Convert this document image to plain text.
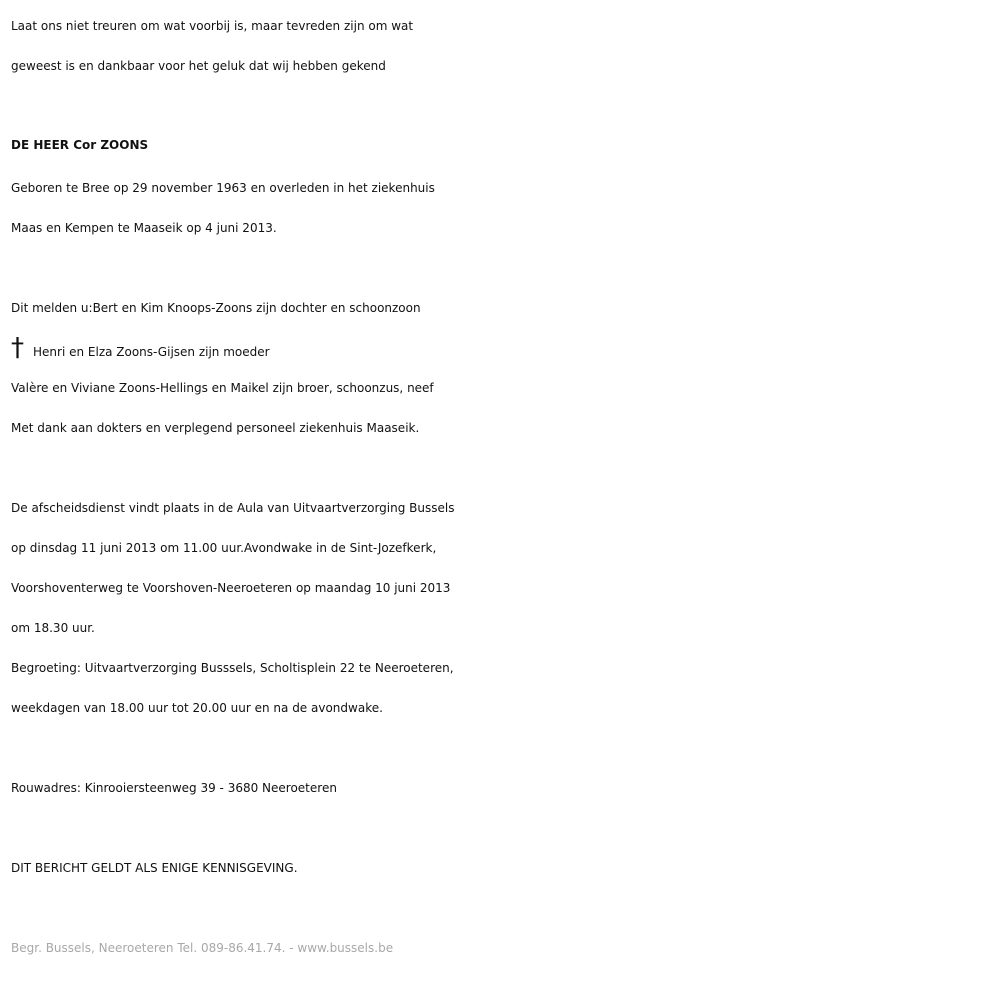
Laat ons niet treuren om wat voorbij is, maar tevreden zijn om wat
geweest is en dankbaar voor het geluk dat wij hebben gekend
DE HEER Cor ZOONS
Geboren te Bree op 29 november 1963 en overleden in het ziekenhuis
Maas en Kempen te Maaseik op 4 juni 2013.
Dit melden u:Bert en Kim Knoops-Zoons zijn dochter en schoonzoon
† Henri en Elza Zoons-Gijsen zijn moeder
Valère en Viviane Zoons-Hellings en Maikel zijn broer, schoonzus, neef
Met dank aan dokters en verplegend personeel ziekenhuis Maaseik.
De afscheidsdienst vindt plaats in de Aula van Uitvaartverzorging Bussels
op dinsdag 11 juni 2013 om 11.00 uur.Avondwake in de Sint-Jozefkerk,
Voorshoventerweg te Voorshoven-Neeroeteren op maandag 10 juni 2013
om 18.30 uur.
Begroeting: Uitvaartverzorging Busssels, Scholtisplein 22 te Neeroeteren,
weekdagen van 18.00 uur tot 20.00 uur en na de avondwake.
Rouwadres: Kinrooiersteenweg 39 - 3680 Neeroeteren
DIT BERICHT GELDT ALS ENIGE KENNISGEVING.
Begr. Bussels, Neeroeteren Tel. 089-86.41.74. - www.bussels.be
